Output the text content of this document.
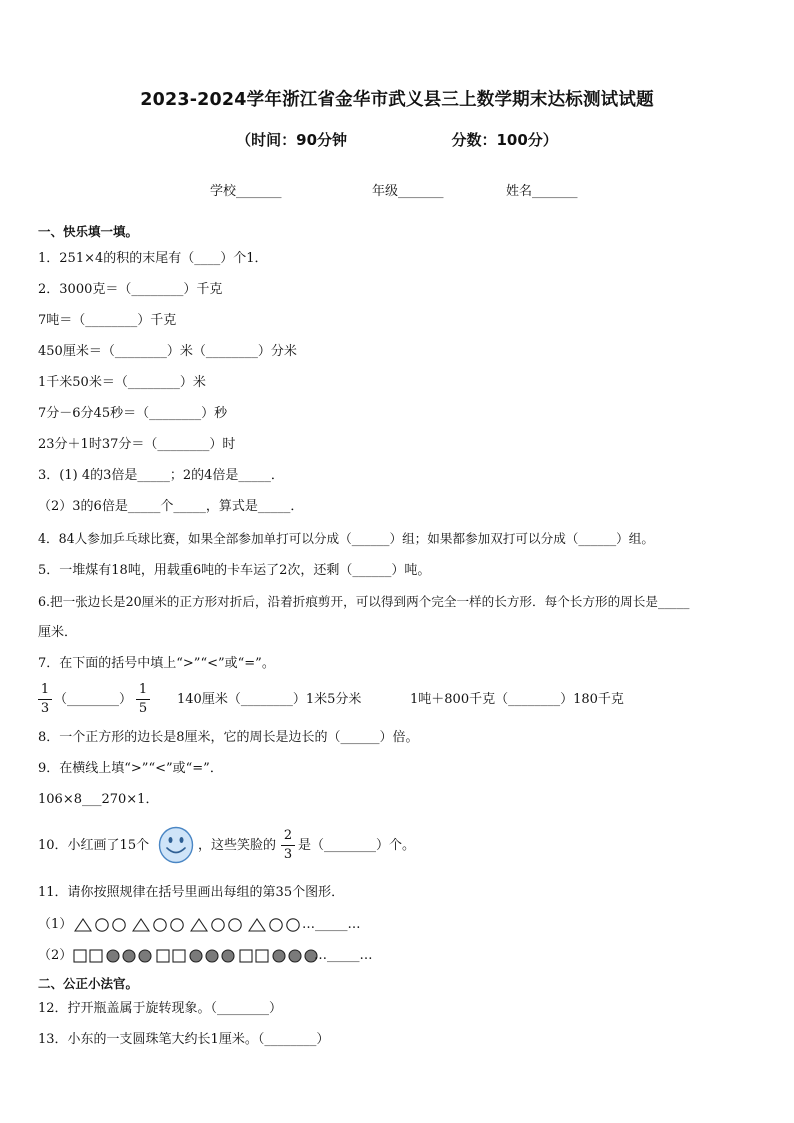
2023-2024学年浙江省金华市武义县三上数学期末达标测试试题
（时间：90分钟                    分数：100分）
学校_______	年级_______	姓名_______
一、快乐填一填。
1．251×4的积的末尾有（____）个1．
2．3000克＝（________）千克
7吨＝（________）千克
450厘米＝（________）米（________）分米
1千米50米＝（________）米
7分－6分45秒＝（________）秒
23分＋1时37分＝（________）时
3．(1) 4的3倍是_____；2的4倍是_____．
（2）3的6倍是_____个_____，算式是_____．
4．84人参加乒乓球比赛，如果全部参加单打可以分成（______）组；如果都参加双打可以分成（______）组。
5．一堆煤有18吨，用载重6吨的卡车运了2次，还剩（______）吨。
6.把一张边长是20厘米的正方形对折后，沿着折痕剪开，可以得到两个完全一样的长方形．每个长方形的周长是_____
厘米．
7．在下面的括号中填上“>”“<”或“=”。
1
3
（________）
1
5
140厘米（________）1米5分米	1吨＋800千克（________）180千克
8．一个正方形的边长是8厘米，它的周长是边长的（______）倍。
9．在横线上填“>”“<”或“=”．
106×8___270×1．
10．小红画了15个	，这些笑脸的
2
3
是（________）个。
11．请你按照规律在括号里画出每组的第35个图形．
（1）	…_____…
（2）	…_____…
二、公正小法官。
12．拧开瓶盖属于旋转现象。（________）
13．小东的一支圆珠笔大约长1厘米。（________）
